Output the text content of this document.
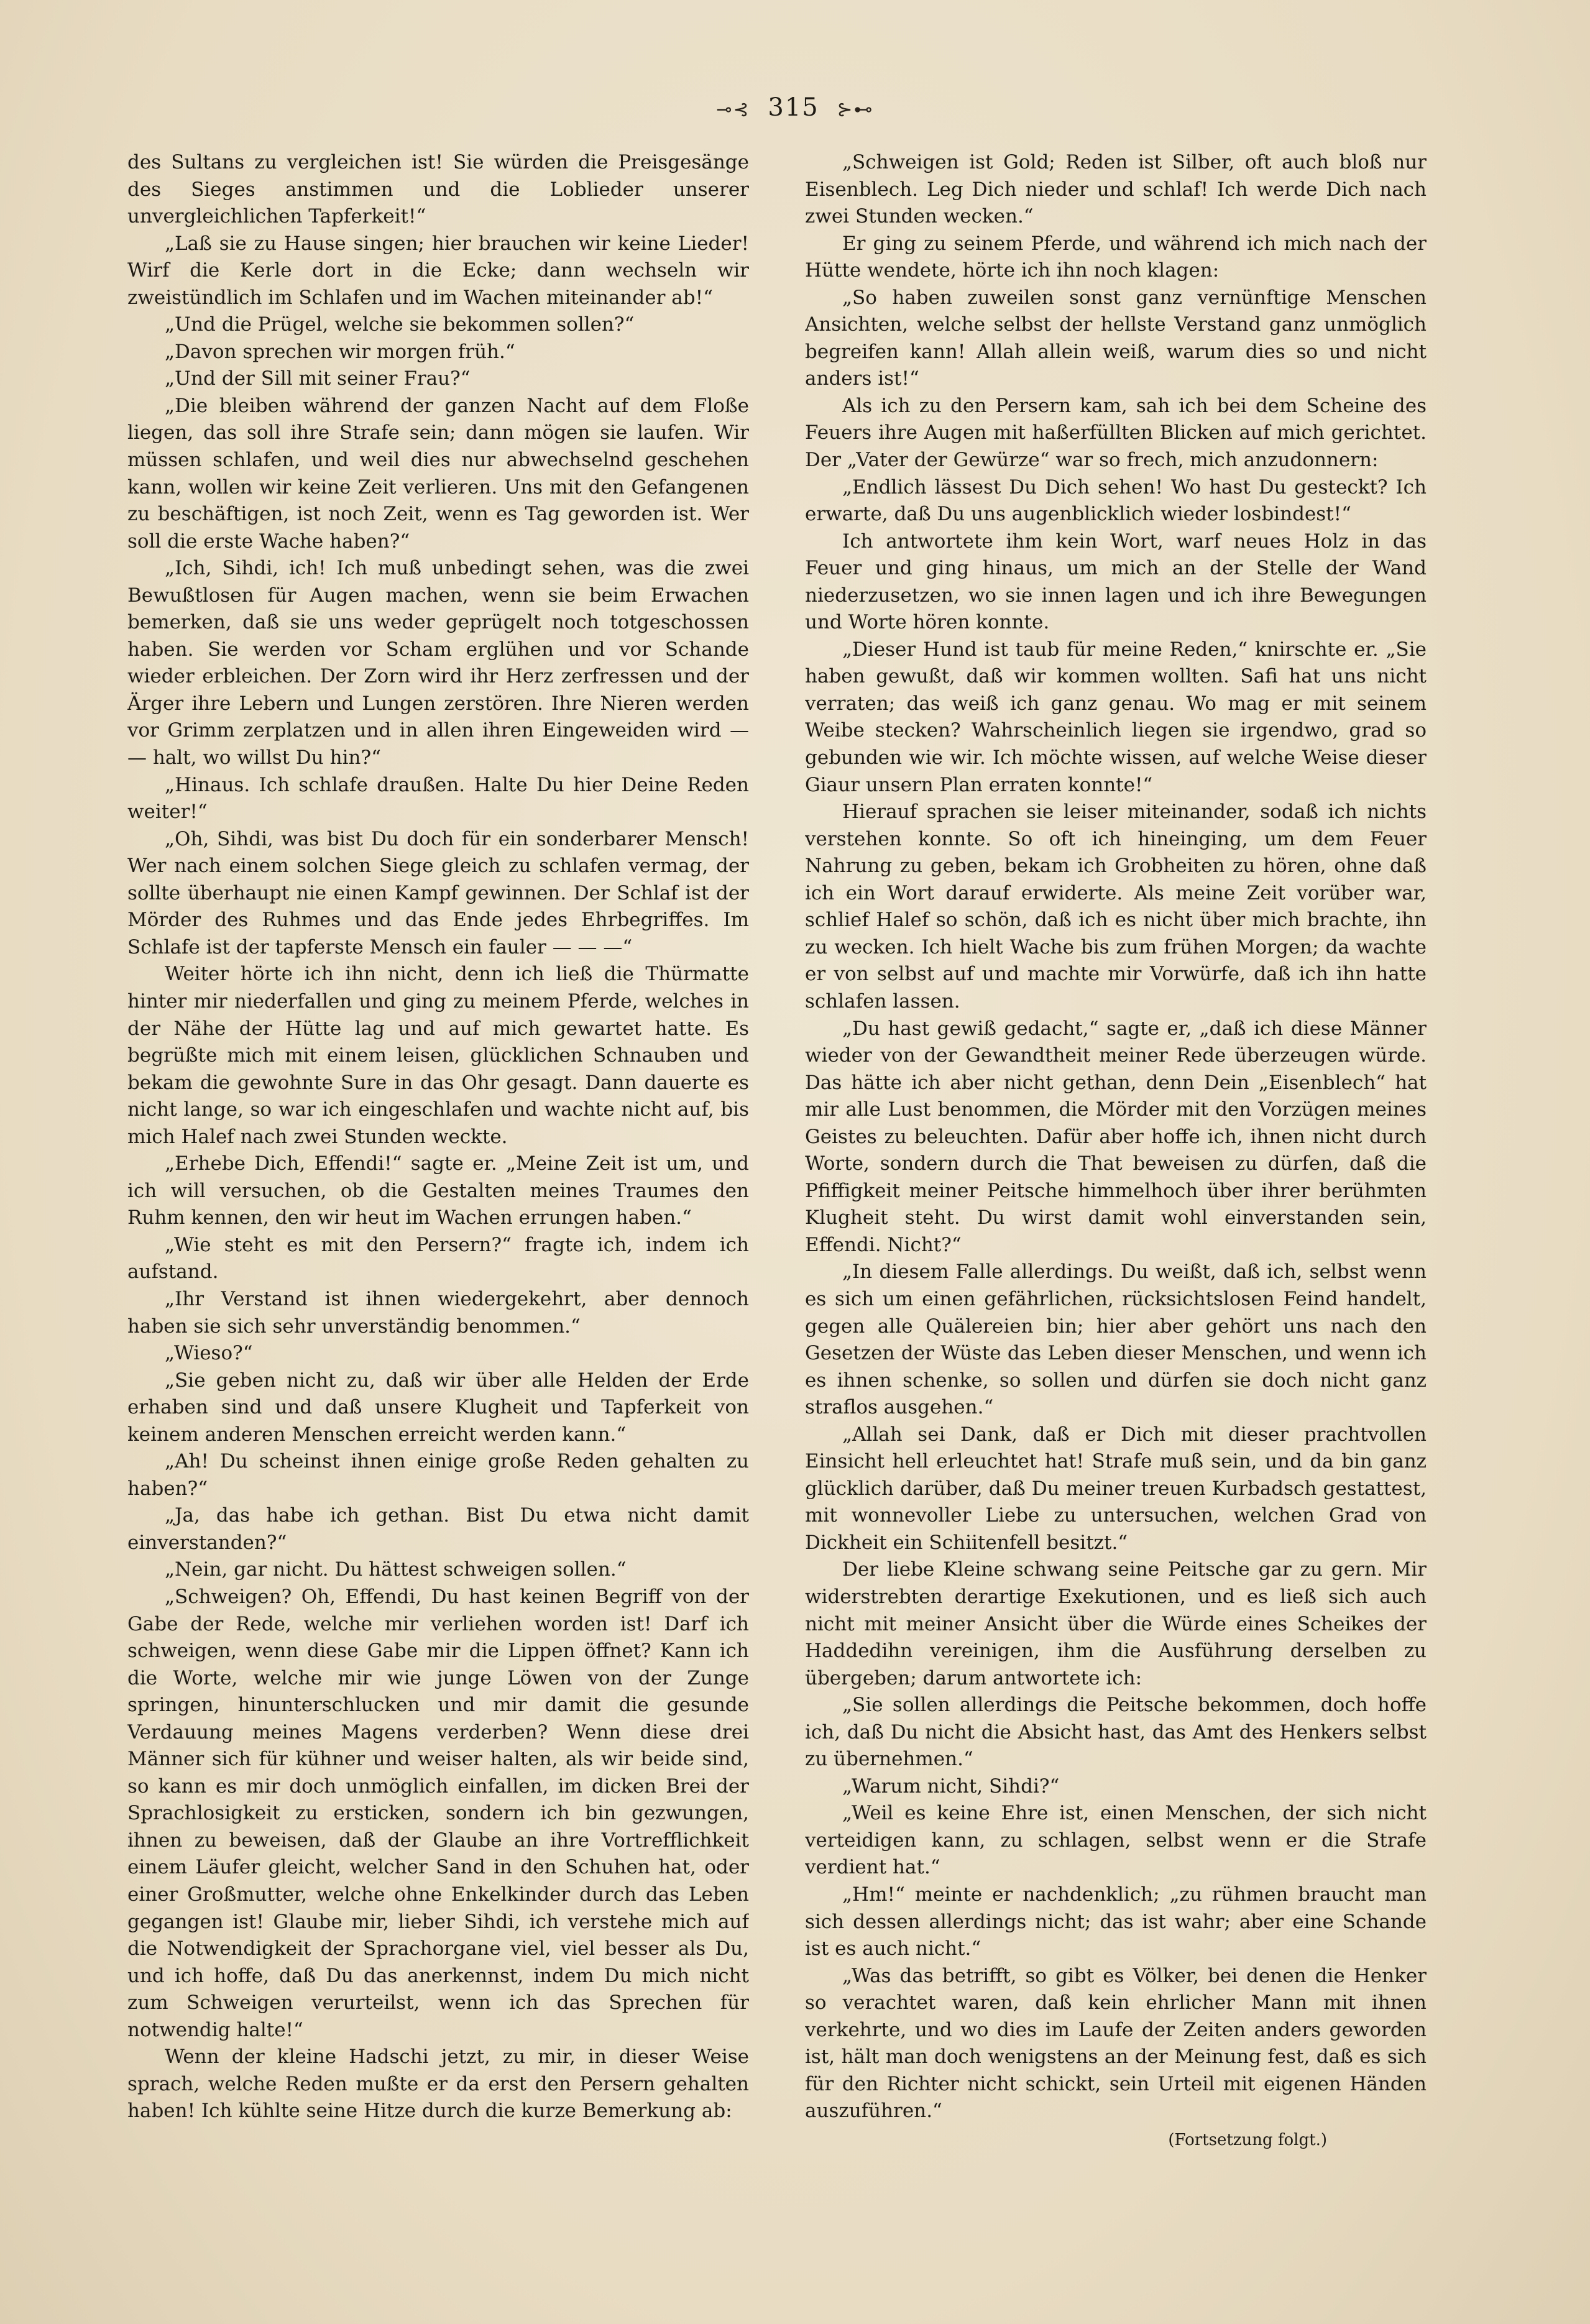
⊸⊰ 315 ⊱⊷

des Sultans zu vergleichen ist! Sie würden die Preisgesänge des Sieges anstimmen und die Loblieder unserer unvergleichlichen Tapferkeit!“

„Laß sie zu Hause singen; hier brauchen wir keine Lieder! Wirf die Kerle dort in die Ecke; dann wechseln wir zweistündlich im Schlafen und im Wachen miteinander ab!“

„Und die Prügel, welche sie bekommen sollen?“

„Davon sprechen wir morgen früh.“

„Und der Sill mit seiner Frau?“

„Die bleiben während der ganzen Nacht auf dem Floße liegen, das soll ihre Strafe sein; dann mögen sie laufen. Wir müssen schlafen, und weil dies nur abwechselnd geschehen kann, wollen wir keine Zeit verlieren. Uns mit den Gefangenen zu beschäftigen, ist noch Zeit, wenn es Tag geworden ist. Wer soll die erste Wache haben?“

„Ich, Sihdi, ich! Ich muß unbedingt sehen, was die zwei Bewußtlosen für Augen machen, wenn sie beim Erwachen bemerken, daß sie uns weder geprügelt noch totgeschossen haben. Sie werden vor Scham erglühen und vor Schande wieder erbleichen. Der Zorn wird ihr Herz zerfressen und der Ärger ihre Lebern und Lungen zerstören. Ihre Nieren werden vor Grimm zerplatzen und in allen ihren Eingeweiden wird — — halt, wo willst Du hin?“

„Hinaus. Ich schlafe draußen. Halte Du hier Deine Reden weiter!“

„Oh, Sihdi, was bist Du doch für ein sonderbarer Mensch! Wer nach einem solchen Siege gleich zu schlafen vermag, der sollte überhaupt nie einen Kampf gewinnen. Der Schlaf ist der Mörder des Ruhmes und das Ende jedes Ehrbegriffes. Im Schlafe ist der tapferste Mensch ein fauler — — —“

Weiter hörte ich ihn nicht, denn ich ließ die Thürmatte hinter mir niederfallen und ging zu meinem Pferde, welches in der Nähe der Hütte lag und auf mich gewartet hatte. Es begrüßte mich mit einem leisen, glücklichen Schnauben und bekam die gewohnte Sure in das Ohr gesagt. Dann dauerte es nicht lange, so war ich eingeschlafen und wachte nicht auf, bis mich Halef nach zwei Stunden weckte.

„Erhebe Dich, Effendi!“ sagte er. „Meine Zeit ist um, und ich will versuchen, ob die Gestalten meines Traumes den Ruhm kennen, den wir heut im Wachen errungen haben.“

„Wie steht es mit den Persern?“ fragte ich, indem ich aufstand.

„Ihr Verstand ist ihnen wiedergekehrt, aber dennoch haben sie sich sehr unverständig benommen.“

„Wieso?“

„Sie geben nicht zu, daß wir über alle Helden der Erde erhaben sind und daß unsere Klugheit und Tapferkeit von keinem anderen Menschen erreicht werden kann.“

„Ah! Du scheinst ihnen einige große Reden gehalten zu haben?“

„Ja, das habe ich gethan. Bist Du etwa nicht damit einverstanden?“

„Nein, gar nicht. Du hättest schweigen sollen.“

„Schweigen? Oh, Effendi, Du hast keinen Begriff von der Gabe der Rede, welche mir verliehen worden ist! Darf ich schweigen, wenn diese Gabe mir die Lippen öffnet? Kann ich die Worte, welche mir wie junge Löwen von der Zunge springen, hinunterschlucken und mir damit die gesunde Verdauung meines Magens verderben? Wenn diese drei Männer sich für kühner und weiser halten, als wir beide sind, so kann es mir doch unmöglich einfallen, im dicken Brei der Sprachlosigkeit zu ersticken, sondern ich bin gezwungen, ihnen zu beweisen, daß der Glaube an ihre Vortrefflichkeit einem Läufer gleicht, welcher Sand in den Schuhen hat, oder einer Großmutter, welche ohne Enkelkinder durch das Leben gegangen ist! Glaube mir, lieber Sihdi, ich verstehe mich auf die Notwendigkeit der Sprachorgane viel, viel besser als Du, und ich hoffe, daß Du das anerkennst, indem Du mich nicht zum Schweigen verurteilst, wenn ich das Sprechen für notwendig halte!“

Wenn der kleine Hadschi jetzt, zu mir, in dieser Weise sprach, welche Reden mußte er da erst den Persern gehalten haben! Ich kühlte seine Hitze durch die kurze Bemerkung ab:

„Schweigen ist Gold; Reden ist Silber, oft auch bloß nur Eisenblech. Leg Dich nieder und schlaf! Ich werde Dich nach zwei Stunden wecken.“

Er ging zu seinem Pferde, und während ich mich nach der Hütte wendete, hörte ich ihn noch klagen:

„So haben zuweilen sonst ganz vernünftige Menschen Ansichten, welche selbst der hellste Verstand ganz unmöglich begreifen kann! Allah allein weiß, warum dies so und nicht anders ist!“

Als ich zu den Persern kam, sah ich bei dem Scheine des Feuers ihre Augen mit haßerfüllten Blicken auf mich gerichtet. Der „Vater der Gewürze“ war so frech, mich anzudonnern:

„Endlich lässest Du Dich sehen! Wo hast Du gesteckt? Ich erwarte, daß Du uns augenblicklich wieder losbindest!“

Ich antwortete ihm kein Wort, warf neues Holz in das Feuer und ging hinaus, um mich an der Stelle der Wand niederzusetzen, wo sie innen lagen und ich ihre Bewegungen und Worte hören konnte.

„Dieser Hund ist taub für meine Reden,“ knirschte er. „Sie haben gewußt, daß wir kommen wollten. Safi hat uns nicht verraten; das weiß ich ganz genau. Wo mag er mit seinem Weibe stecken? Wahrscheinlich liegen sie irgendwo, grad so gebunden wie wir. Ich möchte wissen, auf welche Weise dieser Giaur unsern Plan erraten konnte!“

Hierauf sprachen sie leiser miteinander, sodaß ich nichts verstehen konnte. So oft ich hineinging, um dem Feuer Nahrung zu geben, bekam ich Grobheiten zu hören, ohne daß ich ein Wort darauf erwiderte. Als meine Zeit vorüber war, schlief Halef so schön, daß ich es nicht über mich brachte, ihn zu wecken. Ich hielt Wache bis zum frühen Morgen; da wachte er von selbst auf und machte mir Vorwürfe, daß ich ihn hatte schlafen lassen.

„Du hast gewiß gedacht,“ sagte er, „daß ich diese Männer wieder von der Gewandtheit meiner Rede überzeugen würde. Das hätte ich aber nicht gethan, denn Dein „Eisenblech“ hat mir alle Lust benommen, die Mörder mit den Vorzügen meines Geistes zu beleuchten. Dafür aber hoffe ich, ihnen nicht durch Worte, sondern durch die That beweisen zu dürfen, daß die Pfiffigkeit meiner Peitsche himmelhoch über ihrer berühmten Klugheit steht. Du wirst damit wohl einverstanden sein, Effendi. Nicht?“

„In diesem Falle allerdings. Du weißt, daß ich, selbst wenn es sich um einen gefährlichen, rücksichtslosen Feind handelt, gegen alle Quälereien bin; hier aber gehört uns nach den Gesetzen der Wüste das Leben dieser Menschen, und wenn ich es ihnen schenke, so sollen und dürfen sie doch nicht ganz straflos ausgehen.“

„Allah sei Dank, daß er Dich mit dieser prachtvollen Einsicht hell erleuchtet hat! Strafe muß sein, und da bin ganz glücklich darüber, daß Du meiner treuen Kurbadsch gestattest, mit wonnevoller Liebe zu untersuchen, welchen Grad von Dickheit ein Schiitenfell besitzt.“

Der liebe Kleine schwang seine Peitsche gar zu gern. Mir widerstrebten derartige Exekutionen, und es ließ sich auch nicht mit meiner Ansicht über die Würde eines Scheikes der Haddedihn vereinigen, ihm die Ausführung derselben zu übergeben; darum antwortete ich:

„Sie sollen allerdings die Peitsche bekommen, doch hoffe ich, daß Du nicht die Absicht hast, das Amt des Henkers selbst zu übernehmen.“

„Warum nicht, Sihdi?“

„Weil es keine Ehre ist, einen Menschen, der sich nicht verteidigen kann, zu schlagen, selbst wenn er die Strafe verdient hat.“

„Hm!“ meinte er nachdenklich; „zu rühmen braucht man sich dessen allerdings nicht; das ist wahr; aber eine Schande ist es auch nicht.“

„Was das betrifft, so gibt es Völker, bei denen die Henker so verachtet waren, daß kein ehrlicher Mann mit ihnen verkehrte, und wo dies im Laufe der Zeiten anders geworden ist, hält man doch wenigstens an der Meinung fest, daß es sich für den Richter nicht schickt, sein Urteil mit eigenen Händen auszuführen.“

(Fortsetzung folgt.)
